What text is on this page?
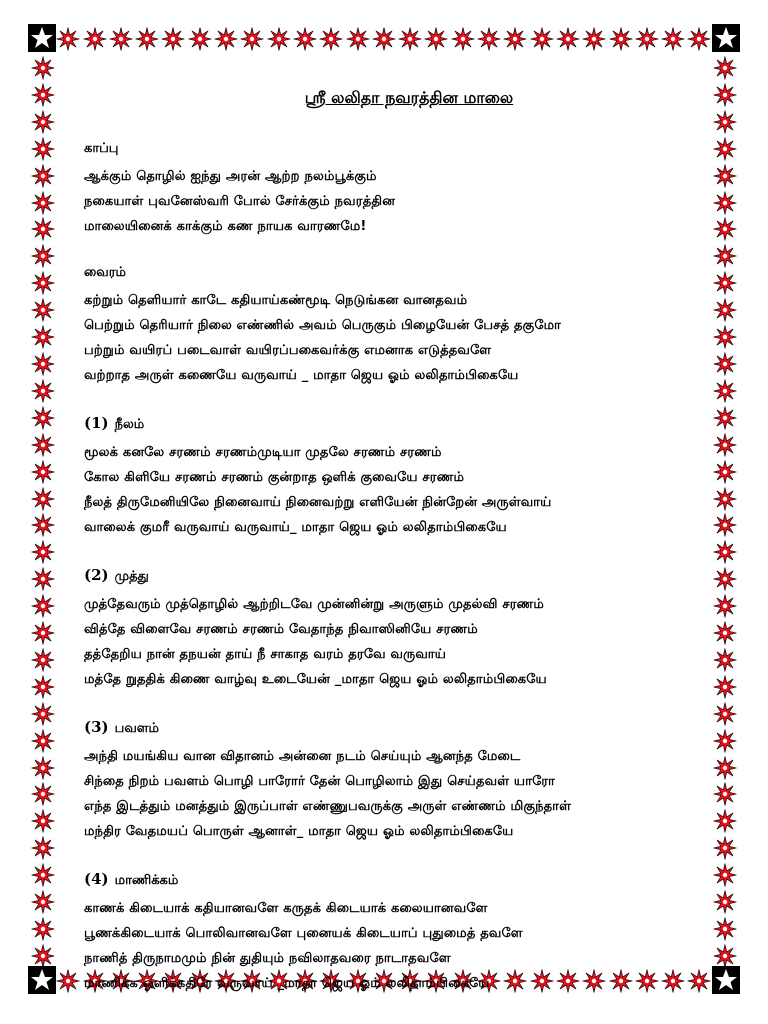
ஸ்ரீ லலிதா நவரத்தின மாலை
காப்பு
ஆக்கும் தொழில் ஐந்து அரன் ஆற்ற நலம்பூக்கும்
நகையாள் புவனேஸ்வரி போல் சேர்க்கும் நவரத்தின
மாலையினைக் காக்கும் கண நாயக வாரணமே!
வைரம்
கற்றும் தெளியார் காடே கதியாய்கண்மூடி நெடுங்கன வானதவம்
பெற்றும் தெரியார் நிலை எண்ணில் அவம் பெருகும் பிழையேன் பேசத் தகுமோ
பற்றும் வயிரப் படைவாள் வயிரப்பகைவர்க்கு எமனாக எடுத்தவளே
வற்றாத அருள் கணையே வருவாய் _ மாதா ஜெய ஓம் லலிதாம்பிகையே
(1) நீலம்
மூலக் கனலே சரணம் சரணம்முடியா முதலே சரணம் சரணம்
கோல கிளியே சரணம் சரணம் குன்றாத ஒளிக் குவையே சரணம்
நீலத் திருமேனியிலே நினைவாய் நினைவற்று எளியேன் நின்றேன் அருள்வாய்
வாலைக் குமரீ வருவாய் வருவாய்_ மாதா ஜெய ஓம் லலிதாம்பிகையே
(2) முத்து
முத்தேவரும் முத்தொழில் ஆற்றிடவே முன்னின்று அருளும் முதல்வி சரணம்
வித்தே விளைவே சரணம் சரணம் வேதாந்த நிவாஸினியே சரணம்
தத்தேறிய நான் தநயன் தாய் நீ சாகாத வரம் தரவே வருவாய்
மத்தே றுததிக் கிணை வாழ்வு உடையேன் _மாதா ஜெய ஓம் லலிதாம்பிகையே
(3) பவளம்
அந்தி மயங்கிய வான விதானம் அன்னை நடம் செய்யும் ஆனந்த மேடை
சிந்தை நிறம் பவளம் பொழி பாரோர் தேன் பொழிலாம் இது செய்தவள் யாரோ
எந்த இடத்தும் மனத்தும் இருப்பாள் எண்ணுபவருக்கு அருள் எண்ணம் மிகுந்தாள்
மந்திர வேதமயப் பொருள் ஆனாள்_ மாதா ஜெய ஓம் லலிதாம்பிகையே
(4) மாணிக்கம்
காணக் கிடையாக் கதியானவளே கருதக் கிடையாக் கலையானவளே
பூணக்கிடையாக் பொலிவானவளே புனையக் கிடையாப் புதுமைத் தவளே
நாணித் திருநாமமும் நின் துதியும் நவிலாதவரை நாடாதவளே
மாணிக்க ஒளிக்கதிரே வருவாய் _மாதா ஜெய ஓம் லலிதாம்பிகையே
